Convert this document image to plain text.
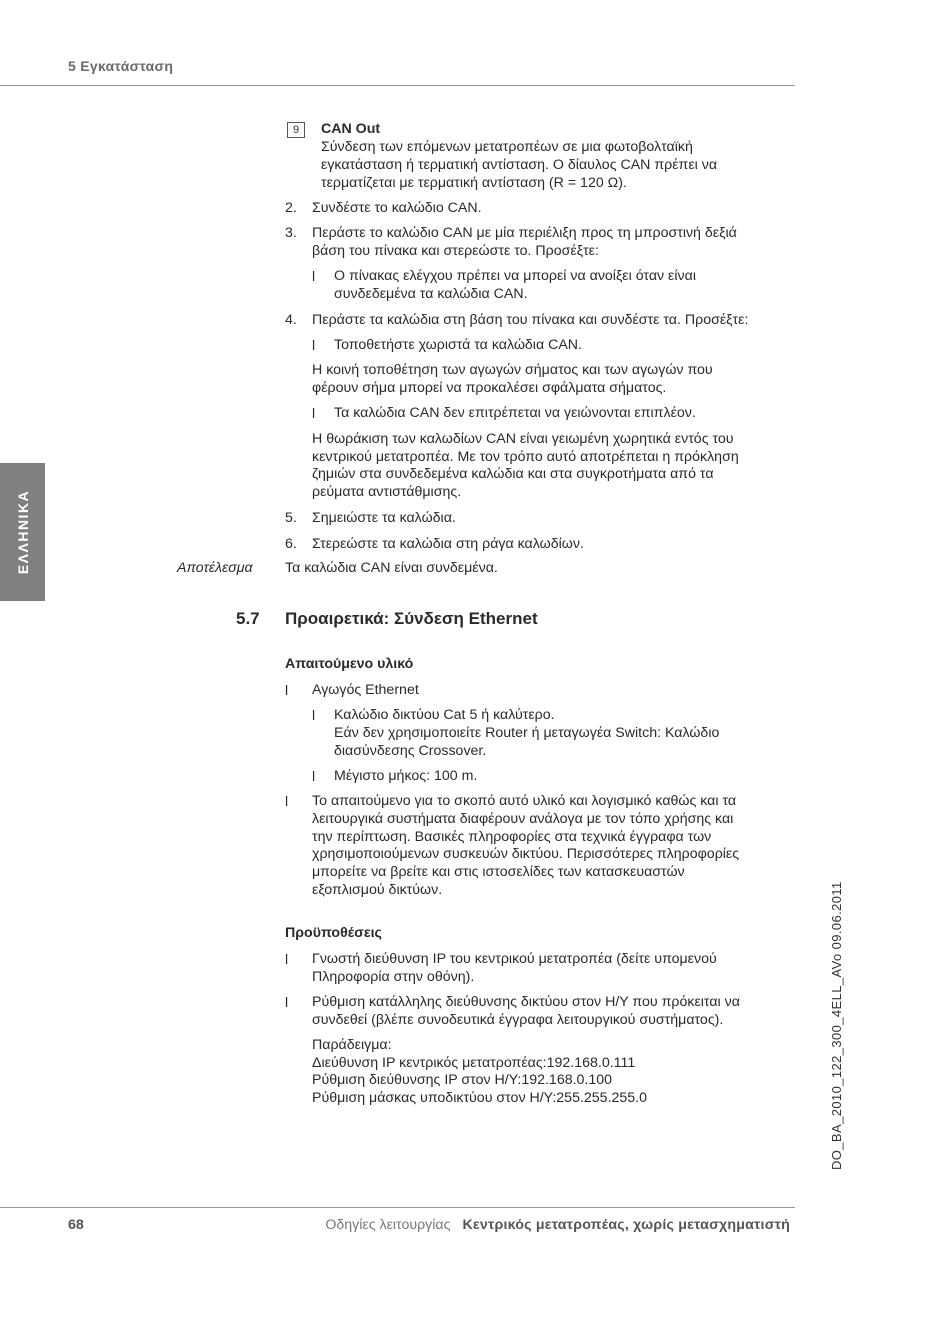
5 Εγκατάσταση
ΕΛΛΗΝΙΚΑ
DO_BA_2010_122_300_4ELL_AVo 09.06.2011
9	CAN Out
Σύνδεση των επόμενων μετατροπέων σε μια φωτοβολταϊκή
εγκατάσταση ή τερματική αντίσταση. Ο δίαυλος CAN πρέπει να
τερματίζεται με τερματική αντίσταση (R = 120 Ω).
2. Συνδέστε το καλώδιο CAN.
3. Περάστε το καλώδιο CAN με μία περιέλιξη προς τη μπροστινή δεξιά
βάση του πίνακα και στερεώστε το. Προσέξτε:
l Ο πίνακας ελέγχου πρέπει να μπορεί να ανοίξει όταν είναι
συνδεδεμένα τα καλώδια CAN.
4. Περάστε τα καλώδια στη βάση του πίνακα και συνδέστε τα. Προσέξτε:
l Τοποθετήστε χωριστά τα καλώδια CAN.
Η κοινή τοποθέτηση των αγωγών σήματος και των αγωγών που
φέρουν σήμα μπορεί να προκαλέσει σφάλματα σήματος.
l Τα καλώδια CAN δεν επιτρέπεται να γειώνονται επιπλέον.
Η θωράκιση των καλωδίων CAN είναι γειωμένη χωρητικά εντός του
κεντρικού μετατροπέα. Με τον τρόπο αυτό αποτρέπεται η πρόκληση
ζημιών στα συνδεδεμένα καλώδια και στα συγκροτήματα από τα
ρεύματα αντιστάθμισης.
5. Σημειώστε τα καλώδια.
6. Στερεώστε τα καλώδια στη ράγα καλωδίων.
Αποτέλεσμα Τα καλώδια CAN είναι συνδεμένα.
5.7 Προαιρετικά: Σύνδεση Ethernet
Απαιτούμενο υλικό
l Αγωγός Ethernet
l Καλώδιο δικτύου Cat 5 ή καλύτερο.
Εάν δεν χρησιμοποιείτε Router ή μεταγωγέα Switch: Καλώδιο
διασύνδεσης Crossover.
l Μέγιστο μήκος: 100 m.
l Το απαιτούμενο για το σκοπό αυτό υλικό και λογισμικό καθώς και τα
λειτουργικά συστήματα διαφέρουν ανάλογα με τον τόπο χρήσης και
την περίπτωση. Βασικές πληροφορίες στα τεχνικά έγγραφα των
χρησιμοποιούμενων συσκευών δικτύου. Περισσότερες πληροφορίες
μπορείτε να βρείτε και στις ιστοσελίδες των κατασκευαστών
εξοπλισμού δικτύων.
Προϋποθέσεις
l Γνωστή διεύθυνση IP του κεντρικού μετατροπέα (δείτε υπομενού
Πληροφορία στην οθόνη).
l Ρύθμιση κατάλληλης διεύθυνσης δικτύου στον Η/Υ που πρόκειται να
συνδεθεί (βλέπε συνοδευτικά έγγραφα λειτουργικού συστήματος).
Παράδειγμα:
Διεύθυνση IP κεντρικός μετατροπέας:192.168.0.111
Ρύθμιση διεύθυνσης IP στον Η/Υ:192.168.0.100
Ρύθμιση μάσκας υποδικτύου στον Η/Υ:255.255.255.0
68	Οδηγίες λειτουργίας Κεντρικός μετατροπέας, χωρίς μετασχηματιστή
